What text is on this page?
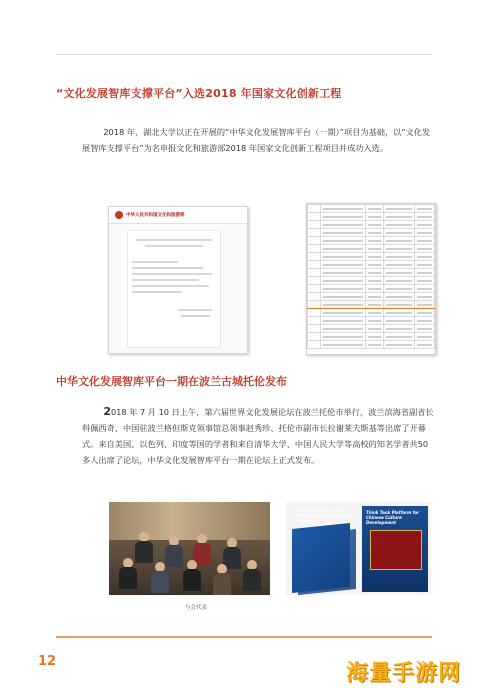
“文化发展智库支撑平台”入选2018 年国家文化创新工程
2018 年，湖北大学以正在开展的“中华文化发展智库平台（一期）”项目为基础，以“文化发展智库支撑平台”为名申报文化和旅游部2018 年国家文化创新工程项目并成功入选。
中华人民共和国文化和旅游部

中华文化发展智库平台一期在波兰古城托伦发布
2018 年 7 月 10 日上午，第六届世界文化发展论坛在波兰托伦市举行，波兰滨海省副省长科佩西奇、中国驻波兰格但斯克领事馆总领事赵秀珍、托伦市副市长拉谢莱夫斯基等出席了开幕式。来自美国、以色列、印度等国的学者和来自清华大学、中国人民大学等高校的知名学者共50 多人出席了论坛，中华文化发展智库平台一期在论坛上正式发布。
与会代表
Annual Report on the Development of Chinese Culture
Think Tank Platform for Chinese Culture Development
12	海量手游网
